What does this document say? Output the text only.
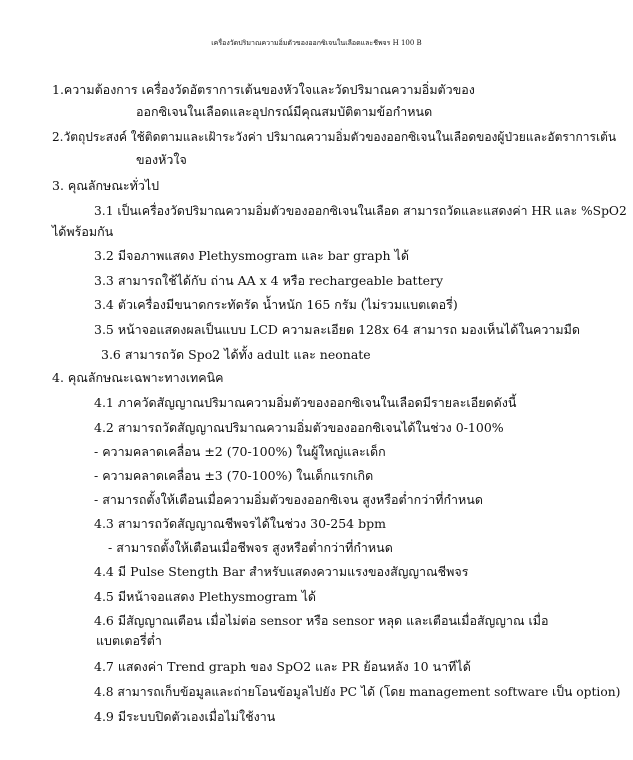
เครื่องวัดปริมาณความอิ่มตัวของออกซิเจนในเลือดและชีพจร H 100 B
1.ความต้องการ เครื่องวัดอัตราการเต้นของหัวใจและวัดปริมาณความอิ่มตัวของ
ออกซิเจนในเลือดและอุปกรณ์มีคุณสมบัติตามข้อกำหนด
2.วัตถุประสงค์ ใช้ติดตามและเฝ้าระวังค่า ปริมาณความอิ่มตัวของออกซิเจนในเลือดของผู้ป่วยและอัตราการเต้น
ของหัวใจ
3. คุณลักษณะทั่วไป
3.1 เป็นเครื่องวัดปริมาณความอิ่มตัวของออกซิเจนในเลือด สามารถวัดและแสดงค่า HR และ %SpO2
ได้พร้อมกัน
3.2 มีจอภาพแสดง Plethysmogram และ bar graph ได้
3.3 สามารถใช้ได้กับ ถ่าน AA x 4 หรือ rechargeable battery
3.4 ตัวเครื่องมีขนาดกระทัดรัด น้ำหนัก 165 กรัม (ไม่รวมแบตเตอรี่)
3.5 หน้าจอแสดงผลเป็นแบบ LCD ความละเอียด 128x 64 สามารถ มองเห็นได้ในความมืด
3.6 สามารถวัด Spo2 ได้ทั้ง adult และ neonate
4. คุณลักษณะเฉพาะทางเทคนิค
4.1 ภาควัดสัญญาณปริมาณความอิ่มตัวของออกซิเจนในเลือดมีรายละเอียดดังนี้
4.2 สามารถวัดสัญญาณปริมาณความอิ่มตัวของออกซิเจนได้ในช่วง 0-100%
- ความคลาดเคลื่อน ±2 (70-100%) ในผู้ใหญ่และเด็ก
- ความคลาดเคลื่อน ±3 (70-100%) ในเด็กแรกเกิด
- สามารถตั้งให้เตือนเมื่อความอิ่มตัวของออกซิเจน สูงหรือต่ำกว่าที่กำหนด
4.3 สามารถวัดสัญญาณชีพจรได้ในช่วง 30-254 bpm
- สามารถตั้งให้เตือนเมื่อชีพจร สูงหรือต่ำกว่าที่กำหนด
4.4 มี Pulse Stength Bar สำหรับแสดงความแรงของสัญญาณชีพจร
4.5 มีหน้าจอแสดง Plethysmogram ได้
4.6 มีสัญญาณเตือน เมื่อไม่ต่อ sensor หรือ sensor หลุด และเตือนเมื่อสัญญาณ เมื่อ
แบตเตอรี่ต่ำ
4.7 แสดงค่า Trend graph ของ SpO2 และ PR ย้อนหลัง 10 นาทีได้
4.8 สามารถเก็บข้อมูลและถ่ายโอนข้อมูลไปยัง PC ได้ (โดย management software เป็น option)
4.9 มีระบบปิดตัวเองเมื่อไม่ใช้งาน
